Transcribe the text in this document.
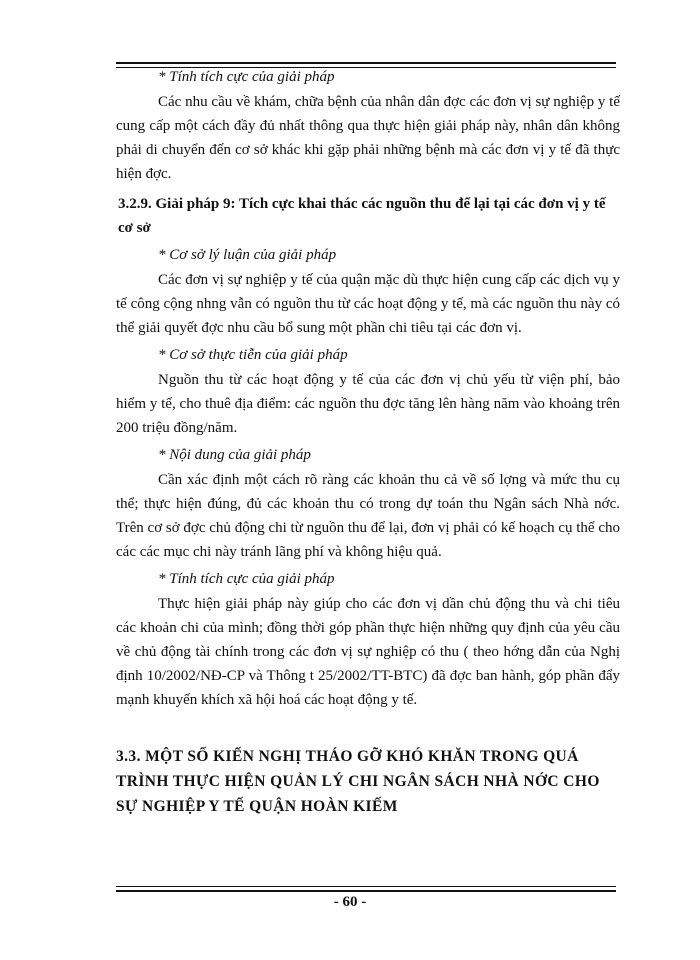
* Tính tích cực của giải pháp

Các nhu cầu về khám, chữa bệnh của nhân dân đợc các đơn vị sự nghiệp y tế cung cấp một cách đầy đủ nhất thông qua thực hiện giải pháp này, nhân dân không phải di chuyển đến cơ sở khác khi gặp phải những bệnh mà các đơn vị y tế đã thực hiện đợc.

3.2.9. Giải pháp 9: Tích cực khai thác các nguồn thu để lại tại các đơn vị y tế cơ sở

* Cơ sở lý luận của giải pháp

Các đơn vị sự nghiệp y tế của quận mặc dù thực hiện cung cấp các dịch vụ y tế công cộng nhng vẫn có nguồn thu từ các hoạt động y tế, mà các nguồn thu này có thể giải quyết đợc nhu cầu bổ sung một phần chi tiêu tại các đơn vị.

* Cơ sở thực tiễn của giải pháp

Nguồn thu từ các hoạt động y tế của các đơn vị chủ yếu từ viện phí, bảo hiểm y tế, cho thuê địa điểm: các nguồn thu đợc tăng lên hàng năm vào khoảng trên 200 triệu đồng/năm.

* Nội dung của giải pháp

Cần xác định một cách rõ ràng các khoản thu cả về số lợng và mức thu cụ thể; thực hiện đúng, đủ các khoản thu có trong dự toán thu Ngân sách Nhà nớc. Trên cơ sở đợc chủ động chi từ nguồn thu để lại, đơn vị phải có kế hoạch cụ thể cho các các mục chi này tránh lãng phí và không hiệu quả.

* Tính tích cực của giải pháp

Thực hiện giải pháp này giúp cho các đơn vị dần chủ động thu và chi tiêu các khoản chi của mình; đồng thời góp phần thực hiện những quy định của yêu cầu về chủ động tài chính trong các đơn vị sự nghiệp có thu ( theo hớng dẫn của Nghị định 10/2002/NĐ-CP và Thông t 25/2002/TT-BTC) đã đợc ban hành, góp phần đẩy mạnh khuyến khích xã hội hoá các hoạt động y tế.

3.3. MỘT SỐ KIẾN NGHỊ THÁO GỠ KHÓ KHĂN TRONG QUÁ TRÌNH THỰC HIỆN QUẢN LÝ CHI NGÂN SÁCH NHÀ NỚC CHO SỰ NGHIỆP Y TẾ QUẬN HOÀN KIẾM

- 60 -
